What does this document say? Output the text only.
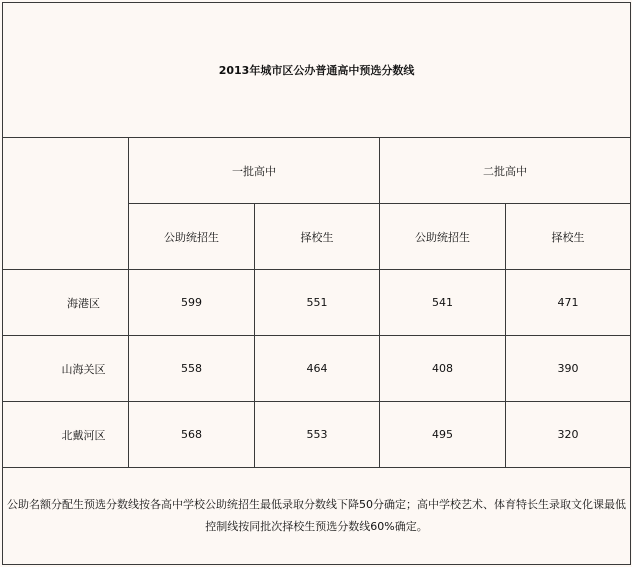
2013年城市区公办普通高中预选分数线				
	一批高中		二批高中	
	公助统招生	择校生	公助统招生	择校生
海港区	599	551	541	471
山海关区	558	464	408	390
北戴河区	568	553	495	320
公助名额分配生预选分数线按各高中学校公助统招生最低录取分数线下降50分确定；高中学校艺术、体育特长生录取文化课最低控制线按同批次择校生预选分数线60%确定。				
